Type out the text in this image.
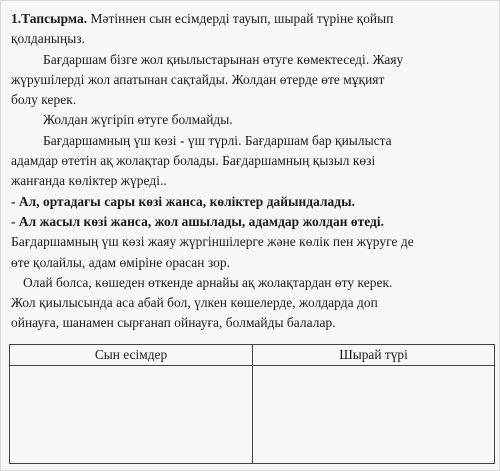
1.Тапсырма. Мәтіннен сын есімдерді тауып, шырай түріне қойып
қолданыңыз.
Бағдаршам бізге жол қиылыстарынан өтуге көмектеседі. Жаяу
жүрушілерді жол апатынан сақтайды. Жолдан өтерде өте мұқият
болу керек.
Жолдан жүгіріп өтуге болмайды.
Бағдаршамның үш көзі - үш түрлі. Бағдаршам бар қиылыста
адамдар өтетін ақ жолақтар болады. Бағдаршамның қызыл көзі
жанғанда көліктер жүреді..
- Ал, ортадағы сары көзі жанса, көліктер дайындалады.
- Ал жасыл көзі жанса, жол ашылады, адамдар жолдан өтеді.
Бағдаршамның үш көзі жаяу жүргіншілерге және көлік пен жүруге де
өте қолайлы, адам өміріне орасан зор.
Олай болса, көшеден өткенде арнайы ақ жолақтардан өту керек.
Жол қиылысында аса абай бол, үлкен көшелерде, жолдарда доп
ойнауға, шанамен сырғанап ойнауға, болмайды балалар.
Сын есімдер	Шырай түрі
